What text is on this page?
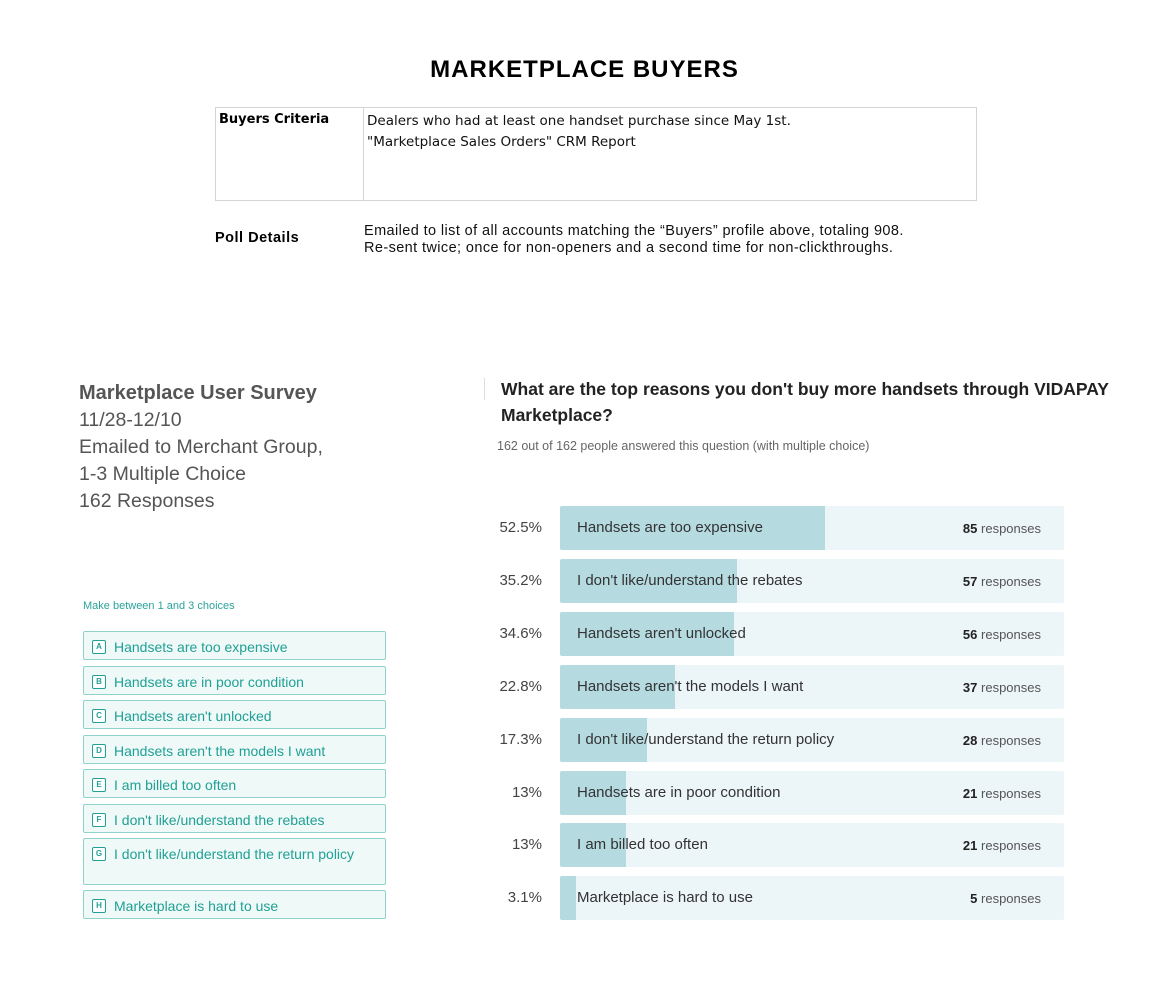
MARKETPLACE BUYERS
Buyers Criteria	Dealers who had at least one handset purchase since May 1st.
"Marketplace Sales Orders" CRM Report
Poll Details	Emailed to list of all accounts matching the “Buyers” profile above, totaling 908.
Re-sent twice; once for non-openers and a second time for non-clickthroughs.
Marketplace User Survey
11/28-12/10
Emailed to Merchant Group,
1-3 Multiple Choice
162 Responses
Make between 1 and 3 choices
A Handsets are too expensive
B Handsets are in poor condition
C Handsets aren't unlocked
D Handsets aren't the models I want
E I am billed too often
F I don't like/understand the rebates
G I don't like/understand the return policy
H Marketplace is hard to use
What are the top reasons you don't buy more handsets through VIDAPAY Marketplace?
162 out of 162 people answered this question (with multiple choice)
52.5% Handsets are too expensive	85 responses
35.2% I don't like/understand the rebates	57 responses
34.6% Handsets aren't unlocked	56 responses
22.8% Handsets aren't the models I want	37 responses
17.3% I don't like/understand the return policy	28 responses
13% Handsets are in poor condition	21 responses
13% I am billed too often	21 responses
3.1% Marketplace is hard to use	5 responses
